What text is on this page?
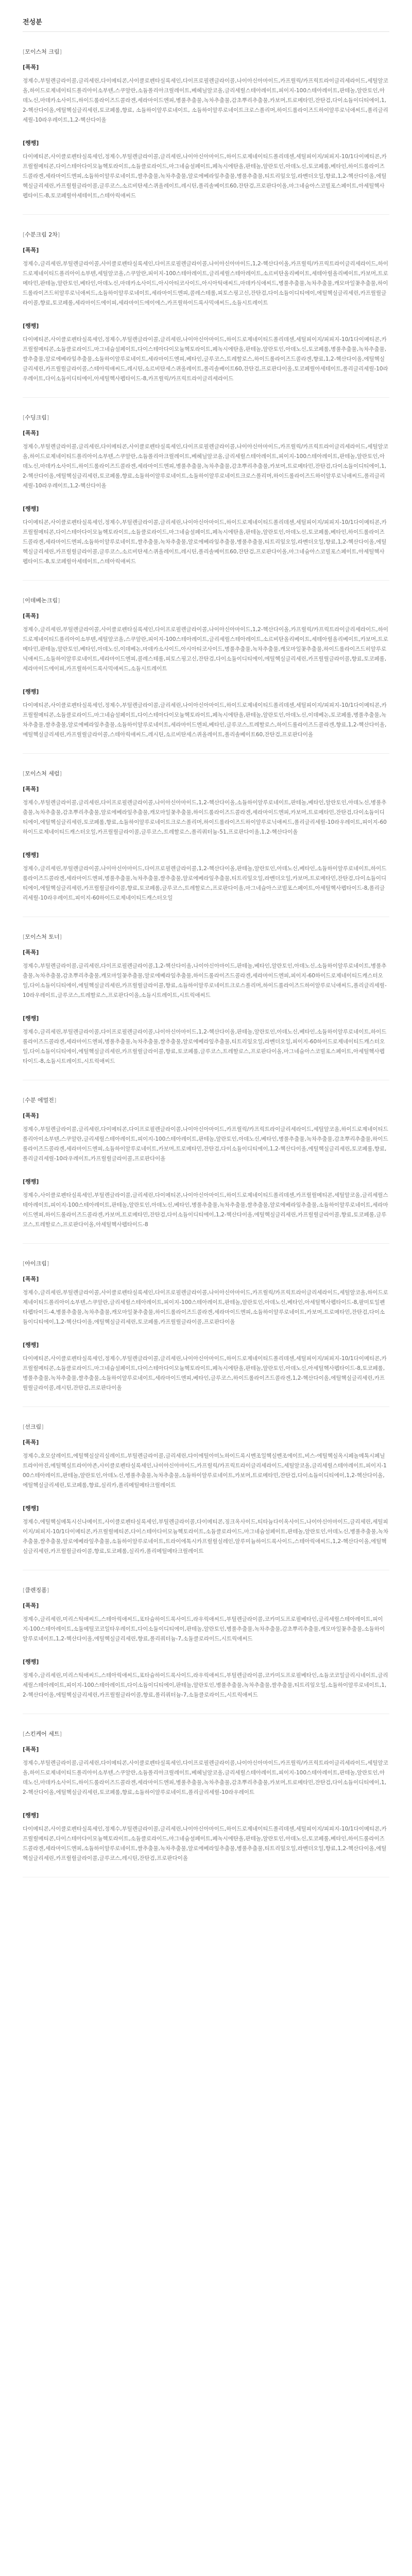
전성분
[모이스처 크림]
[폭폭]
정제수,부틸렌글라이콜,글리세린,다이메티콘,사이클로펜타실록세인,다이프로필렌글라이콜,나이아신아마이드,카프릴릭/카프릭트라이글리세라이드,세틸알코올,하이드로제네이티드폴리아이소부텐,스쿠알란,소듐폴리아크릴레이트,베헤닐알코올,글리세릴스테아레이트,피이지-100스테아레이트,판테놀,알란토인,아데노신,마데카소사이드,하이드롤라이즈드콜라겐,세라마이드엔피,병풀추출물,녹차추출물,감초뿌리추출물,카보머,트로메타민,잔탄검,다이소듐이디티에이,1,2-헥산다이올,에틸헥실글리세린,토코페롤,향료, 소듐하이알루로네이트, 소듐하이알루로네이트크로스폴리머,하이드롤라이즈드하이알루로닉애씨드,폴리글리세릴-10라우레이트,1,2-헥산다이올
[쨍쨍]
다이메티콘,사이클로펜타실록세인,정제수,부틸렌글라이콜,글리세린,나이아신아마이드,하이드로제네이티드폴리데센,세틸피이지/피피지-10/1다이메티콘,카프릴릴메티콘,다이스테아다이모늄헥토라이트,소듐클로라이드,마그네슘설페이트,페녹시에탄올,판테놀,알란토인,아데노신,토코페롤,베타인,하이드롤라이즈드콜라겐,세라마이드엔피,소듐하이알루로네이트,쌀추출물,녹차추출물,알로에베라잎추출물,병풀추출물,티트리잎오일,라벤더오일,향료,1,2-헥산다이올,에틸헥실글리세린,카프릴릴글라이콜,글루코스,소르비탄세스퀴올레이트,레시틴,폴리솔베이트60,잔탄검,프로판다이올,마그네슘아스코빌포스페이트,아세틸헥사펩타이드-8,토코페릴아세테이트,스테아릭애씨드
[수분크림 2차]
[폭폭]
정제수,글리세린,부틸렌글라이콜,사이클로펜타실록세인,다이프로필렌글라이콜,나이아신아마이드,1,2-헥산다이올,카프릴릭/카프릭트라이글리세라이드,하이드로제네이티드폴리아이소부텐,세틸알코올,스쿠알란,피이지-100스테아레이트,글리세릴스테아레이트,소르비탄올리베이트,세테아릴올리베이트,카보머,트로메타민,판테놀,알란토인,베타인,아데노신,마데카소사이드,아시아티코사이드,아시아틱애씨드,마데카식애씨드,병풀추출물,녹차추출물,캐모마일꽃추출물,하이드롤라이즈드히알루로닉애씨드,소듐하이알루로네이트,세라마이드엔피,콜레스테롤,피토스핑고신,잔탄검,다이소듐이디티에이,에틸헥실글리세린,카프릴릴글라이콜,향료,토코페롤,세라마이드에이피,세라마이드에이에스,카프릴하이드록사믹애씨드,소듐시트레이트
[쨍쨍]
다이메티콘,사이클로펜타실록세인,정제수,부틸렌글라이콜,글리세린,나이아신아마이드,하이드로제네이티드폴리데센,세틸피이지/피피지-10/1다이메티콘,카프릴릴메티콘,소듐클로라이드,마그네슘설페이트,다이스테아다이모늄헥토라이트,페녹시에탄올,판테놀,알란토인,아데노신,토코페롤,병풀추출물,녹차추출물,쌀추출물,알로에베라잎추출물,소듐하이알루로네이트,세라마이드엔피,베타인,글루코스,트레할로스,하이드롤라이즈드콜라겐,향료,1,2-헥산다이올,에틸헥실글리세린,카프릴릴글라이콜,스테아릭애씨드,레시틴,소르비탄세스퀴올레이트,폴리솔베이트60,잔탄검,프로판다이올,토코페릴아세테이트,폴리글리세릴-10라우레이트,다이소듐이디티에이,아세틸헥사펩타이드-8,카프릴릭/카프릭트라이글리세라이드
[수딩크림]
[폭폭]
정제수,부틸렌글라이콜,글리세린,다이메티콘,사이클로펜타실록세인,다이프로필렌글라이콜,나이아신아마이드,카프릴릭/카프릭트라이글리세라이드,세틸알코올,하이드로제네이티드폴리아이소부텐,스쿠알란,소듐폴리아크릴레이트,베헤닐알코올,글리세릴스테아레이트,피이지-100스테아레이트,판테놀,알란토인,아데노신,마데카소사이드,하이드롤라이즈드콜라겐,세라마이드엔피,병풀추출물,녹차추출물,감초뿌리추출물,카보머,트로메타민,잔탄검,다이소듐이디티에이,1,2-헥산다이올,에틸헥실글리세린,토코페롤,향료,소듐하이알루로네이트,소듐하이알루로네이트크로스폴리머,하이드롤라이즈드하이알루로닉애씨드,폴리글리세릴-10라우레이트,1,2-헥산다이올
[쨍쨍]
다이메티콘,사이클로펜타실록세인,정제수,부틸렌글라이콜,글리세린,나이아신아마이드,하이드로제네이티드폴리데센,세틸피이지/피피지-10/1다이메티콘,카프릴릴메티콘,다이스테아다이모늄헥토라이트,소듐클로라이드,마그네슘설페이트,페녹시에탄올,판테놀,알란토인,아데노신,토코페롤,베타인,하이드롤라이즈드콜라겐,세라마이드엔피,소듐하이알루로네이트,쌀추출물,녹차추출물,알로에베라잎추출물,병풀추출물,티트리잎오일,라벤더오일,향료,1,2-헥산다이올,에틸헥실글리세린,카프릴릴글라이콜,글루코스,소르비탄세스퀴올레이트,레시틴,폴리솔베이트60,잔탄검,프로판다이올,마그네슘아스코빌포스페이트,아세틸헥사펩타이드-8,토코페릴아세테이트,스테아릭애씨드
[이데베논크림]
[폭폭]
정제수,글리세린,부틸렌글라이콜,사이클로펜타실록세인,다이프로필렌글라이콜,나이아신아마이드,1,2-헥산다이올,카프릴릭/카프릭트라이글리세라이드,하이드로제네이티드폴리아이소부텐,세틸알코올,스쿠알란,피이지-100스테아레이트,글리세릴스테아레이트,소르비탄올리베이트,세테아릴올리베이트,카보머,트로메타민,판테놀,알란토인,베타인,아데노신,이데베논,마데카소사이드,아시아티코사이드,병풀추출물,녹차추출물,캐모마일꽃추출물,하이드롤라이즈드히알루로닉애씨드,소듐하이알루로네이트,세라마이드엔피,콜레스테롤,피토스핑고신,잔탄검,다이소듐이디티에이,에틸헥실글리세린,카프릴릴글라이콜,향료,토코페롤,세라마이드에이피,카프릴하이드록사믹애씨드,소듐시트레이트
[쨍쨍]
다이메티콘,사이클로펜타실록세인,정제수,부틸렌글라이콜,글리세린,나이아신아마이드,하이드로제네이티드폴리데센,세틸피이지/피피지-10/1다이메티콘,카프릴릴메티콘,소듐클로라이드,마그네슘설페이트,다이스테아다이모늄헥토라이트,페녹시에탄올,판테놀,알란토인,아데노신,이데베논,토코페롤,병풀추출물,녹차추출물,쌀추출물,알로에베라잎추출물,소듐하이알루로네이트,세라마이드엔피,베타인,글루코스,트레할로스,하이드롤라이즈드콜라겐,향료,1,2-헥산다이올,에틸헥실글리세린,카프릴릴글라이콜,스테아릭애씨드,레시틴,소르비탄세스퀴올레이트,폴리솔베이트60,잔탄검,프로판다이올
[모이스처 세럼]
[폭폭]
정제수,부틸렌글라이콜,글리세린,다이프로필렌글라이콜,나이아신아마이드,1,2-헥산다이올,소듐하이알루로네이트,판테놀,베타인,알란토인,아데노신,병풀추출물,녹차추출물,감초뿌리추출물,알로에베라잎추출물,캐모마일꽃추출물,하이드롤라이즈드콜라겐,세라마이드엔피,카보머,트로메타민,잔탄검,다이소듐이디티에이,에틸헥실글리세린,토코페롤,향료,소듐하이알루로네이트크로스폴리머,하이드롤라이즈드하이알루로닉애씨드,폴리글리세릴-10라우레이트,피이지-60하이드로제네이티드캐스터오일,카프릴릴글라이콜,글루코스,트레할로스,폴리쿼터늄-51,프로판다이올,1,2-헥산다이올
[쨍쨍]
정제수,글리세린,부틸렌글라이콜,나이아신아마이드,다이프로필렌글라이콜,1,2-헥산다이올,판테놀,알란토인,아데노신,베타인,소듐하이알루로네이트,하이드롤라이즈드콜라겐,세라마이드엔피,병풀추출물,녹차추출물,쌀추출물,알로에베라잎추출물,티트리잎오일,라벤더오일,카보머,트로메타민,잔탄검,다이소듐이디티에이,에틸헥실글리세린,카프릴릴글라이콜,향료,토코페롤,글루코스,트레할로스,프로판다이올,마그네슘아스코빌포스페이트,아세틸헥사펩타이드-8,폴리글리세릴-10라우레이트,피이지-60하이드로제네이티드캐스터오일
[모이스처 토너]
[폭폭]
정제수,부틸렌글라이콜,글리세린,다이프로필렌글라이콜,1,2-헥산다이올,나이아신아마이드,판테놀,베타인,알란토인,아데노신,소듐하이알루로네이트,병풀추출물,녹차추출물,감초뿌리추출물,캐모마일꽃추출물,알로에베라잎추출물,하이드롤라이즈드콜라겐,세라마이드엔피,피이지-60하이드로제네이티드캐스터오일,다이소듐이디티에이,에틸헥실글리세린,카프릴릴글라이콜,향료,소듐하이알루로네이트크로스폴리머,하이드롤라이즈드하이알루로닉애씨드,폴리글리세릴-10라우레이트,글루코스,트레할로스,프로판다이올,소듐시트레이트,시트릭애씨드
[쨍쨍]
정제수,글리세린,부틸렌글라이콜,다이프로필렌글라이콜,나이아신아마이드,1,2-헥산다이올,판테놀,알란토인,아데노신,베타인,소듐하이알루로네이트,하이드롤라이즈드콜라겐,세라마이드엔피,병풀추출물,녹차추출물,쌀추출물,알로에베라잎추출물,티트리잎오일,라벤더오일,피이지-60하이드로제네이티드캐스터오일,다이소듐이디티에이,에틸헥실글리세린,카프릴릴글라이콜,향료,토코페롤,글루코스,트레할로스,프로판다이올,마그네슘아스코빌포스페이트,아세틸헥사펩타이드-8,소듐시트레이트,시트릭애씨드
[수분 에멀전]
[폭폭]
정제수,부틸렌글라이콜,글리세린,다이메티콘,다이프로필렌글라이콜,나이아신아마이드,카프릴릭/카프릭트라이글리세라이드,세틸알코올,하이드로제네이티드폴리아이소부텐,스쿠알란,글리세릴스테아레이트,피이지-100스테아레이트,판테놀,알란토인,아데노신,베타인,병풀추출물,녹차추출물,감초뿌리추출물,하이드롤라이즈드콜라겐,세라마이드엔피,소듐하이알루로네이트,카보머,트로메타민,잔탄검,다이소듐이디티에이,1,2-헥산다이올,에틸헥실글리세린,토코페롤,향료,폴리글리세릴-10라우레이트,카프릴릴글라이콜,프로판다이올
[쨍쨍]
정제수,사이클로펜타실록세인,부틸렌글라이콜,글리세린,다이메티콘,나이아신아마이드,하이드로제네이티드폴리데센,카프릴릴메티콘,세틸알코올,글리세릴스테아레이트,피이지-100스테아레이트,판테놀,알란토인,아데노신,베타인,병풀추출물,녹차추출물,쌀추출물,알로에베라잎추출물,소듐하이알루로네이트,세라마이드엔피,하이드롤라이즈드콜라겐,카보머,트로메타민,잔탄검,다이소듐이디티에이,1,2-헥산다이올,에틸헥실글리세린,카프릴릴글라이콜,향료,토코페롤,글루코스,트레할로스,프로판다이올,아세틸헥사펩타이드-8
[아이크림]
[폭폭]
정제수,글리세린,부틸렌글라이콜,사이클로펜타실록세인,다이프로필렌글라이콜,나이아신아마이드,카프릴릭/카프릭트라이글리세라이드,세틸알코올,하이드로제네이티드폴리아이소부텐,스쿠알란,글리세릴스테아레이트,피이지-100스테아레이트,판테놀,알란토인,아데노신,베타인,아세틸헥사펩타이드-8,팔미토일펜타펩타이드-4,병풀추출물,녹차추출물,캐모마일꽃추출물,하이드롤라이즈드콜라겐,세라마이드엔피,소듐하이알루로네이트,카보머,트로메타민,잔탄검,다이소듐이디티에이,1,2-헥산다이올,에틸헥실글리세린,토코페롤,카프릴릴글라이콜,프로판다이올
[쨍쨍]
다이메티콘,사이클로펜타실록세인,정제수,부틸렌글라이콜,글리세린,나이아신아마이드,하이드로제네이티드폴리데센,세틸피이지/피피지-10/1다이메티콘,카프릴릴메티콘,소듐클로라이드,마그네슘설페이트,다이스테아다이모늄헥토라이트,페녹시에탄올,판테놀,알란토인,아데노신,아세틸헥사펩타이드-8,토코페롤,병풀추출물,녹차추출물,쌀추출물,소듐하이알루로네이트,세라마이드엔피,베타인,글루코스,하이드롤라이즈드콜라겐,1,2-헥산다이올,에틸헥실글리세린,카프릴릴글라이콜,레시틴,잔탄검,프로판다이올
[선크림]
[폭폭]
정제수,호모살레이트,에틸헥실살리실레이트,부틸렌글라이콜,글리세린,다이에틸아미노하이드록시벤조일헥실벤조에이트,비스-에틸헥실옥시페놀메톡시페닐트라이아진,에틸헥실트라이아존,사이클로펜타실록세인,나이아신아마이드,카프릴릭/카프릭트라이글리세라이드,세틸알코올,글리세릴스테아레이트,피이지-100스테아레이트,판테놀,알란토인,아데노신,병풀추출물,녹차추출물,소듐하이알루로네이트,카보머,트로메타민,잔탄검,다이소듐이디티에이,1,2-헥산다이올,에틸헥실글리세린,토코페롤,향료,실리카,폴리메틸메타크릴레이트
[쨍쨍]
정제수,에틸헥실메톡시신나메이트,사이클로펜타실록세인,부틸렌글라이콜,다이메티콘,징크옥사이드,티타늄다이옥사이드,나이아신아마이드,글리세린,세틸피이지/피피지-10/1다이메티콘,카프릴릴메티콘,다이스테아다이모늄헥토라이트,소듐클로라이드,마그네슘설페이트,판테놀,알란토인,아데노신,병풀추출물,녹차추출물,쌀추출물,알로에베라잎추출물,소듐하이알루로네이트,트라이에톡시카프릴릴실레인,알루미늄하이드록사이드,스테아릭애씨드,1,2-헥산다이올,에틸헥실글리세린,카프릴릴글라이콜,향료,토코페롤,실리카,폴리메틸메타크릴레이트
[클렌징폼]
[폭폭]
정제수,글리세린,미리스틱애씨드,스테아릭애씨드,포타슘하이드록사이드,라우릭애씨드,부틸렌글라이콜,코카미도프로필베타인,글리세릴스테아레이트,피이지-100스테아레이트,소듐메틸코코일타우레이트,다이소듐이디티에이,판테놀,알란토인,병풀추출물,녹차추출물,감초뿌리추출물,캐모마일꽃추출물,소듐하이알루로네이트,1,2-헥산다이올,에틸헥실글리세린,향료,폴리쿼터늄-7,소듐클로라이드,시트릭애씨드
[쨍쨍]
정제수,글리세린,미리스틱애씨드,스테아릭애씨드,포타슘하이드록사이드,라우릭애씨드,부틸렌글라이콜,코카미도프로필베타인,소듐코코일글리시네이트,글리세릴스테아레이트,피이지-100스테아레이트,다이소듐이디티에이,판테놀,알란토인,병풀추출물,녹차추출물,쌀추출물,티트리잎오일,소듐하이알루로네이트,1,2-헥산다이올,에틸헥실글리세린,카프릴릴글라이콜,향료,폴리쿼터늄-7,소듐클로라이드,시트릭애씨드
[스킨케어 세트]
[폭폭]
정제수,부틸렌글라이콜,글리세린,다이메티콘,사이클로펜타실록세인,다이프로필렌글라이콜,나이아신아마이드,카프릴릭/카프릭트라이글리세라이드,세틸알코올,하이드로제네이티드폴리아이소부텐,스쿠알란,소듐폴리아크릴레이트,베헤닐알코올,글리세릴스테아레이트,피이지-100스테아레이트,판테놀,알란토인,아데노신,마데카소사이드,하이드롤라이즈드콜라겐,세라마이드엔피,병풀추출물,녹차추출물,감초뿌리추출물,카보머,트로메타민,잔탄검,다이소듐이디티에이,1,2-헥산다이올,에틸헥실글리세린,토코페롤,향료,소듐하이알루로네이트,폴리글리세릴-10라우레이트
[쨍쨍]
다이메티콘,사이클로펜타실록세인,정제수,부틸렌글라이콜,글리세린,나이아신아마이드,하이드로제네이티드폴리데센,세틸피이지/피피지-10/1다이메티콘,카프릴릴메티콘,다이스테아다이모늄헥토라이트,소듐클로라이드,마그네슘설페이트,페녹시에탄올,판테놀,알란토인,아데노신,토코페롤,베타인,하이드롤라이즈드콜라겐,세라마이드엔피,소듐하이알루로네이트,쌀추출물,녹차추출물,알로에베라잎추출물,병풀추출물,티트리잎오일,라벤더오일,향료,1,2-헥산다이올,에틸헥실글리세린,카프릴릴글라이콜,글루코스,레시틴,잔탄검,프로판다이올
